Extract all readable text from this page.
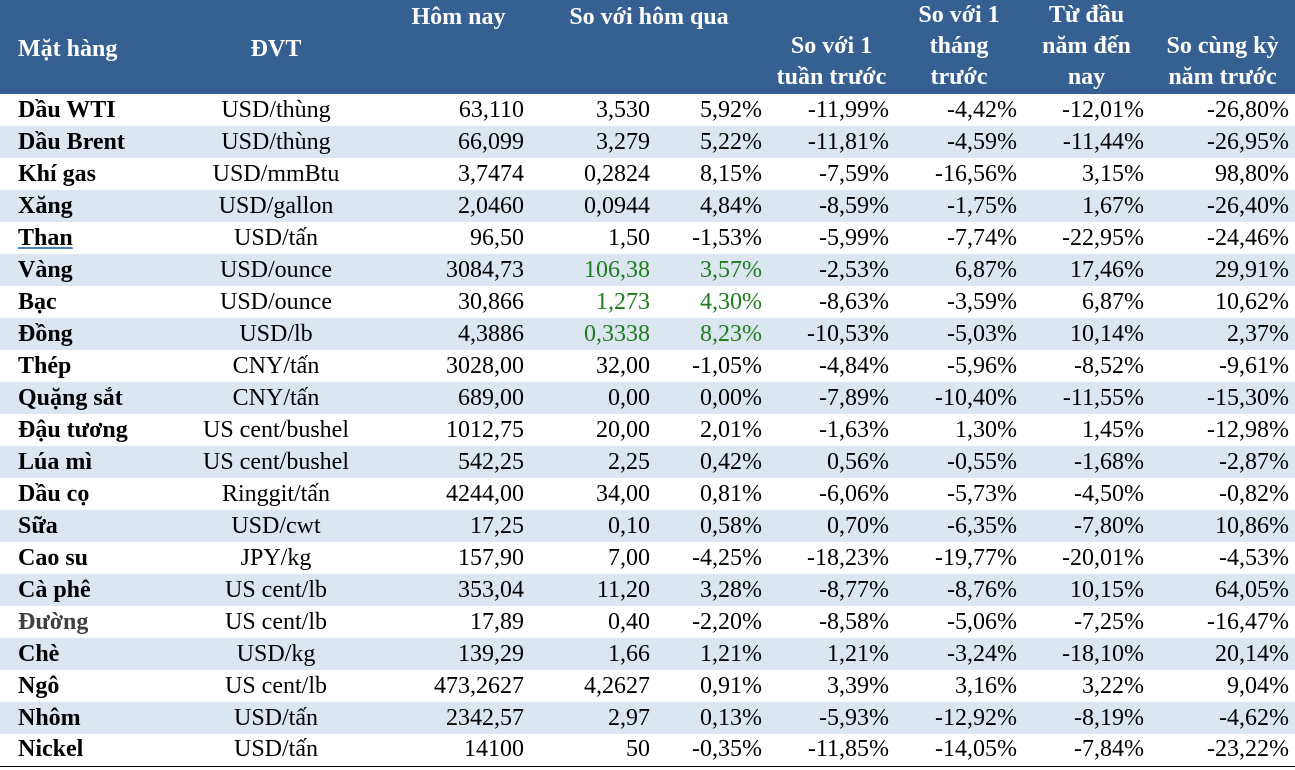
Mặt hàng	ĐVT	Hôm nay	So với hôm qua		So với 1 tuần trước	So với 1 tháng trước	Từ đầu năm đến nay	So cùng kỳ năm trước
Dầu WTI	USD/thùng	63,110	3,530	5,92%	-11,99%	-4,42%	-12,01%	-26,80%
Dầu Brent	USD/thùng	66,099	3,279	5,22%	-11,81%	-4,59%	-11,44%	-26,95%
Khí gas	USD/mmBtu	3,7474	0,2824	8,15%	-7,59%	-16,56%	3,15%	98,80%
Xăng	USD/gallon	2,0460	0,0944	4,84%	-8,59%	-1,75%	1,67%	-26,40%
Than	USD/tấn	96,50	1,50	-1,53%	-5,99%	-7,74%	-22,95%	-24,46%
Vàng	USD/ounce	3084,73	106,38	3,57%	-2,53%	6,87%	17,46%	29,91%
Bạc	USD/ounce	30,866	1,273	4,30%	-8,63%	-3,59%	6,87%	10,62%
Đồng	USD/lb	4,3886	0,3338	8,23%	-10,53%	-5,03%	10,14%	2,37%
Thép	CNY/tấn	3028,00	32,00	-1,05%	-4,84%	-5,96%	-8,52%	-9,61%
Quặng sắt	CNY/tấn	689,00	0,00	0,00%	-7,89%	-10,40%	-11,55%	-15,30%
Đậu tương	US cent/bushel	1012,75	20,00	2,01%	-1,63%	1,30%	1,45%	-12,98%
Lúa mì	US cent/bushel	542,25	2,25	0,42%	0,56%	-0,55%	-1,68%	-2,87%
Dầu cọ	Ringgit/tấn	4244,00	34,00	0,81%	-6,06%	-5,73%	-4,50%	-0,82%
Sữa	USD/cwt	17,25	0,10	0,58%	0,70%	-6,35%	-7,80%	10,86%
Cao su	JPY/kg	157,90	7,00	-4,25%	-18,23%	-19,77%	-20,01%	-4,53%
Cà phê	US cent/lb	353,04	11,20	3,28%	-8,77%	-8,76%	10,15%	64,05%
Đường	US cent/lb	17,89	0,40	-2,20%	-8,58%	-5,06%	-7,25%	-16,47%
Chè	USD/kg	139,29	1,66	1,21%	1,21%	-3,24%	-18,10%	20,14%
Ngô	US cent/lb	473,2627	4,2627	0,91%	3,39%	3,16%	3,22%	9,04%
Nhôm	USD/tấn	2342,57	2,97	0,13%	-5,93%	-12,92%	-8,19%	-4,62%
Nickel	USD/tấn	14100	50	-0,35%	-11,85%	-14,05%	-7,84%	-23,22%
